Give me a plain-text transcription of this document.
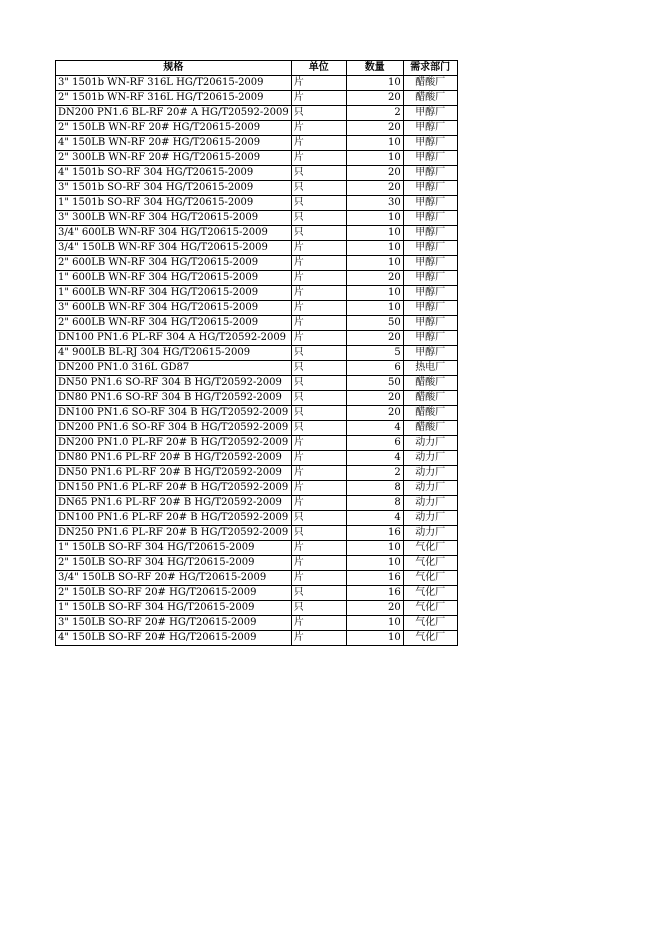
规格	单位	数量	需求部门
3" 1501b WN-RF 316L HG/T20615-2009	片	10	醋酸厂
2" 1501b WN-RF 316L HG/T20615-2009	片	20	醋酸厂
DN200 PN1.6 BL-RF 20# A HG/T20592-2009	只	2	甲醇厂
2" 150LB WN-RF 20# HG/T20615-2009	片	20	甲醇厂
4" 150LB WN-RF 20# HG/T20615-2009	片	10	甲醇厂
2" 300LB WN-RF 20# HG/T20615-2009	片	10	甲醇厂
4" 1501b SO-RF 304 HG/T20615-2009	只	20	甲醇厂
3" 1501b SO-RF 304 HG/T20615-2009	只	20	甲醇厂
1" 1501b SO-RF 304 HG/T20615-2009	只	30	甲醇厂
3" 300LB WN-RF 304 HG/T20615-2009	只	10	甲醇厂
3/4" 600LB WN-RF 304 HG/T20615-2009	只	10	甲醇厂
3/4" 150LB WN-RF 304 HG/T20615-2009	片	10	甲醇厂
2" 600LB WN-RF 304 HG/T20615-2009	片	10	甲醇厂
1" 600LB WN-RF 304 HG/T20615-2009	片	20	甲醇厂
1" 600LB WN-RF 304 HG/T20615-2009	片	10	甲醇厂
3" 600LB WN-RF 304 HG/T20615-2009	片	10	甲醇厂
2" 600LB WN-RF 304 HG/T20615-2009	片	50	甲醇厂
DN100 PN1.6 PL-RF 304 A HG/T20592-2009	片	20	甲醇厂
4" 900LB BL-RJ 304 HG/T20615-2009	只	5	甲醇厂
DN200 PN1.0 316L GD87	只	6	热电厂
DN50 PN1.6 SO-RF 304 B HG/T20592-2009	只	50	醋酸厂
DN80 PN1.6 SO-RF 304 B HG/T20592-2009	只	20	醋酸厂
DN100 PN1.6 SO-RF 304 B HG/T20592-2009	只	20	醋酸厂
DN200 PN1.6 SO-RF 304 B HG/T20592-2009	只	4	醋酸厂
DN200 PN1.0 PL-RF 20# B HG/T20592-2009	片	6	动力厂
DN80 PN1.6 PL-RF 20# B HG/T20592-2009	片	4	动力厂
DN50 PN1.6 PL-RF 20# B HG/T20592-2009	片	2	动力厂
DN150 PN1.6 PL-RF 20# B HG/T20592-2009	片	8	动力厂
DN65 PN1.6 PL-RF 20# B HG/T20592-2009	片	8	动力厂
DN100 PN1.6 PL-RF 20# B HG/T20592-2009	只	4	动力厂
DN250 PN1.6 PL-RF 20# B HG/T20592-2009	只	16	动力厂
1" 150LB SO-RF 304 HG/T20615-2009	片	10	气化厂
2" 150LB SO-RF 304 HG/T20615-2009	片	10	气化厂
3/4" 150LB SO-RF 20# HG/T20615-2009	片	16	气化厂
2" 150LB SO-RF 20# HG/T20615-2009	只	16	气化厂
1" 150LB SO-RF 304 HG/T20615-2009	只	20	气化厂
3" 150LB SO-RF 20# HG/T20615-2009	片	10	气化厂
4" 150LB SO-RF 20# HG/T20615-2009	片	10	气化厂
